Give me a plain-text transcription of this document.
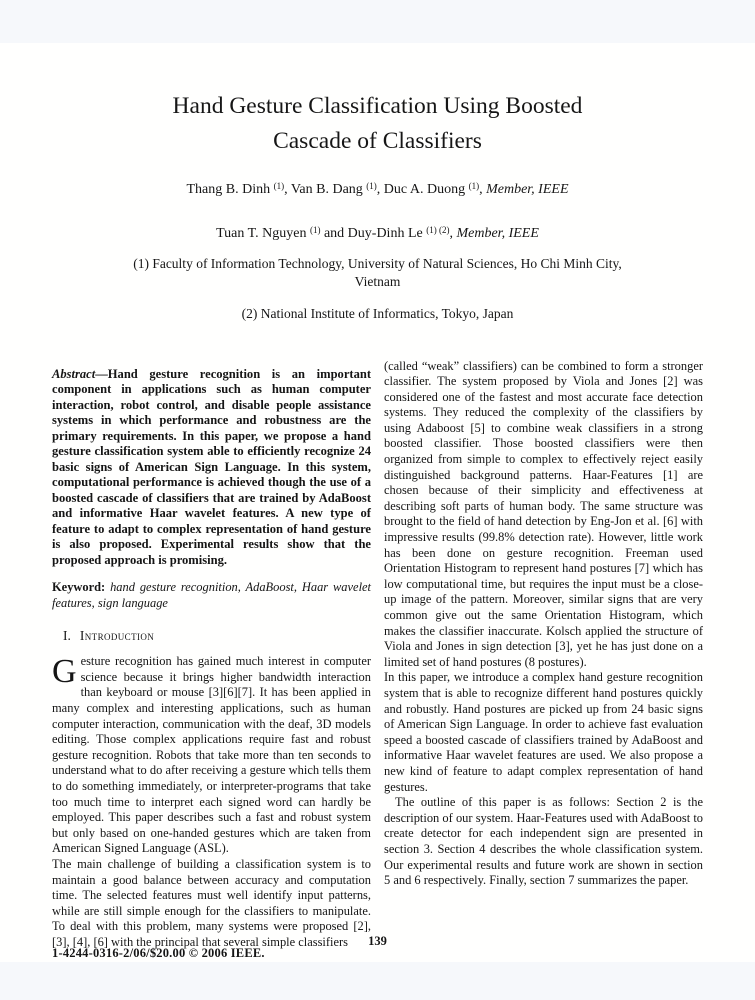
Hand Gesture Classification Using Boosted
Cascade of Classifiers
Thang B. Dinh $^{(1)}$, Van B. Dang $^{(1)}$, Duc A. Duong $^{(1)}$, Member, IEEE
Tuan T. Nguyen $^{(1)}$ and Duy-Dinh Le $^{(1) (2)}$, Member, IEEE
(1) Faculty of Information Technology, University of Natural Sciences, Ho Chi Minh City,
Vietnam
(2) National Institute of Informatics, Tokyo, Japan

Abstract—Hand gesture recognition is an important component in applications such as human computer interaction, robot control, and disable people assistance systems in which performance and robustness are the primary requirements. In this paper, we propose a hand gesture classification system able to efficiently recognize 24 basic signs of American Sign Language. In this system, computational performance is achieved though the use of a boosted cascade of classifiers that are trained by AdaBoost and informative Haar wavelet features. A new type of feature to adapt to complex representation of hand gesture is also proposed. Experimental results show that the proposed approach is promising.

Keyword: hand gesture recognition, AdaBoost, Haar wavelet features, sign language

I. Introduction

Gesture recognition has gained much interest in computer science because it brings higher bandwidth interaction than keyboard or mouse [3][6][7]. It has been applied in many complex and interesting applications, such as human computer interaction, communication with the deaf, 3D models editing. Those complex applications require fast and robust gesture recognition. Robots that take more than ten seconds to understand what to do after receiving a gesture which tells them to do something immediately, or interpreter-programs that take too much time to interpret each signed word can hardly be employed. This paper describes such a fast and robust system but only based on one-handed gestures which are taken from American Signed Language (ASL).

The main challenge of building a classification system is to maintain a good balance between accuracy and computation time. The selected features must well identify input patterns, while are still simple enough for the classifiers to manipulate. To deal with this problem, many systems were proposed [2], [3], [4], [6] with the principal that several simple classifiers

(called “weak” classifiers) can be combined to form a stronger classifier. The system proposed by Viola and Jones [2] was considered one of the fastest and most accurate face detection systems. They reduced the complexity of the classifiers by using Adaboost [5] to combine weak classifiers in a strong boosted classifier. Those boosted classifiers were then organized from simple to complex to effectively reject easily distinguished background patterns. Haar-Features [1] are chosen because of their simplicity and effectiveness at describing soft parts of human body. The same structure was brought to the field of hand detection by Eng-Jon et al. [6] with impressive results (99.8% detection rate). However, little work has been done on gesture recognition. Freeman used Orientation Histogram to represent hand postures [7] which has low computational time, but requires the input must be a close-up image of the pattern. Moreover, similar signs that are very common give out the same Orientation Histogram, which makes the classifier inaccurate. Kolsch applied the structure of Viola and Jones in sign detection [3], yet he has just done on a limited set of hand postures (8 postures).

In this paper, we introduce a complex hand gesture recognition system that is able to recognize different hand postures quickly and robustly. Hand postures are picked up from 24 basic signs of American Sign Language. In order to achieve fast evaluation speed a boosted cascade of classifiers trained by AdaBoost and informative Haar wavelet features are used. We also propose a new kind of feature to adapt complex representation of hand gestures.

The outline of this paper is as follows: Section 2 is the description of our system. Haar-Features used with AdaBoost to create detector for each independent sign are presented in section 3. Section 4 describes the whole classification system. Our experimental results and future work are shown in section 5 and 6 respectively. Finally, section 7 summarizes the paper.

1-4244-0316-2/06/$20.00 © 2006 IEEE.
139
